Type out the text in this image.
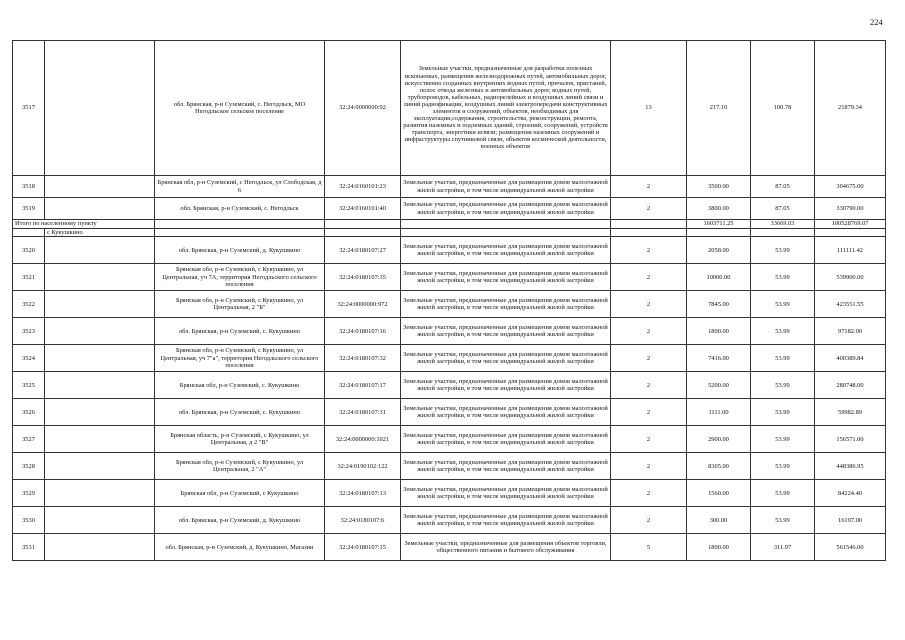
224
3517		обл. Брянская, р-н Суземский, с. Негодльск, МО Негодльское сельское поселение	32:24:0000000:92	Земельные участки, предназначенные для разработки полезных ископаемых, размещения железнодорожных путей, автомобильных дорог, искусственно созданных внутренних водных путей, причалов, пристаней, полос отвода железных и автомобильных дорог, водных путей, трубопроводов, кабельных, радиорелейных и воздушных линий связи и линий радиофикации, воздушных линий электропередачи конструктивных элементов и сооружений, объектов, необходимых для эксплуатации,содержания, строительства, реконструкции, ремонта, развития наземных и подземных зданий, строений, сооружений, устройств транспорта, энергетики исвязи; размещения наземных сооружений и инфраструктуры спутниковой связи, объектов космической деятельности, военных объектов	13	217.10	100.78	21879.34
3518		Брянская обл, р-н Суземский, с Негодльск, ул Слободская, д 6	32:24:0160101:23	Земельные участки, предназначенные для размещения домов малоэтажной жилой застройки, в том числе индивидуальной жилой застройки	2	3500.00	87.05	304675.00
3519		обл. Брянская, р-н Суземский, с. Негодльск	32:24:0160101:40	Земельные участки, предназначенные для размещения домов малоэтажной жилой застройки, в том числе индивидуальной жилой застройки	2	3800.00	87.05	330790.00
Итого по населенному пункту						1603711.25	33669.03	100528769.07
	с Кукушкино							
3520		обл. Брянская, р-н Суземский, д. Кукушкино	32:24:0180107:27	Земельные участки, предназначенные для размещения домов малоэтажной жилой застройки, в том числе индивидуальной жилой застройки	2	2058.00	53.99	111111.42
3521		Брянская обл, р-н Суземский, с Кукушкино, ул Центральная, уч 7А, территория Негодльского сельского поселения	32:24:0180107:35	Земельные участки, предназначенные для размещения домов малоэтажной жилой застройки, в том числе индивидуальной жилой застройки	2	10000.00	53.99	539900.00
3522		Брянская обл, р-н Суземский, с Кукушкино, ул Центральная, 2 "Б"	32:24:0000000:972	Земельные участки, предназначенные для размещения домов малоэтажной жилой застройки, в том числе индивидуальной жилой застройки	2	7845.00	53.99	423551.55
3523		обл. Брянская, р-н Суземский, с. Кукушкино	32:24:0180107:16	Земельные участки, предназначенные для размещения домов малоэтажной жилой застройки, в том числе индивидуальной жилой застройки	2	1800.00	53.99	97182.00
3524		Брянская обл, р-н Суземский, с Кукушкино, ул Центральная, уч 7"а", территория Негодльского сельского поселения	32:24:0180107:32	Земельные участки, предназначенные для размещения домов малоэтажной жилой застройки, в том числе индивидуальной жилой застройки	2	7416.00	53.99	400389.84
3525		Брянская обл, р-н Суземский, с. Кукушкино	32:24:0180107:17	Земельные участки, предназначенные для размещения домов малоэтажной жилой застройки, в том числе индивидуальной жилой застройки	2	5200.00	53.99	280748.00
3526		обл. Брянская, р-н Суземский, с. Кукушкино	32:24:0180107:31	Земельные участки, предназначенные для размещения домов малоэтажной жилой застройки, в том числе индивидуальной жилой застройки	2	1111.00	53.99	59982.89
3527		Брянская область, р-н Суземский, с Кукушкино, ул Центральная, д 2 "В"	32:24:0000000:1021	Земельные участки, предназначенные для размещения домов малоэтажной жилой застройки, в том числе индивидуальной жилой застройки	2	2900.00	53.99	156571.00
3528		Брянская обл, р-н Суземский, с Кукушкино, ул Центральная, 2 "А"	32:24:0190102:122	Земельные участки, предназначенные для размещения домов малоэтажной жилой застройки, в том числе индивидуальной жилой застройки	2	8305.00	53.99	448386.95
3529		Брянская обл, р-н Суземский, с Кукушкино	32:24:0180107:13	Земельные участки, предназначенные для размещения домов малоэтажной жилой застройки, в том числе индивидуальной жилой застройки	2	1560.00	53.99	84224.40
3530		обл. Брянская, р-н Суземский, д. Кукушкино	32:24:0180107:6	Земельные участки, предназначенные для размещения домов малоэтажной жилой застройки, в том числе индивидуальной жилой застройки	2	300.00	53.99	16197.00
3531		обл. Брянская, р-н Суземский, д. Кукушкино, Магазин	32:24:0180107:15	Земельные участки, предназначенные для размещения объектов торговли, общественного питания и бытового обслуживания	5	1800.00	311.97	561546.00
